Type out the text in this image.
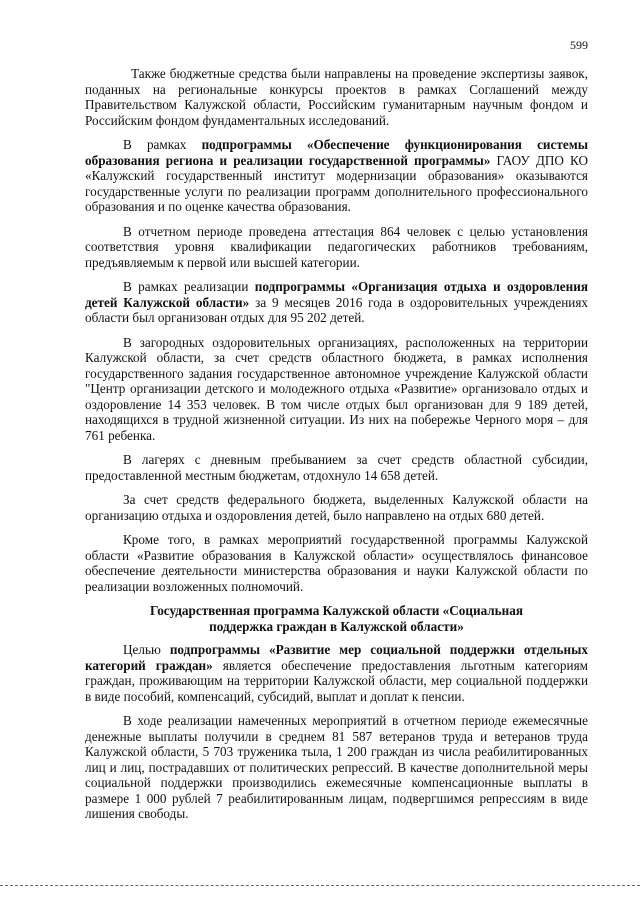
599

Также бюджетные средства были направлены на проведение экспертизы заявок, поданных на региональные конкурсы проектов в рамках Соглашений между Правительством Калужской области, Российским гуманитарным научным фондом и Российским фондом фундаментальных исследований.

В рамках подпрограммы «Обеспечение функционирования системы образования региона и реализации государственной программы» ГАОУ ДПО КО «Калужский государственный институт модернизации образования» оказываются государственные услуги по реализации программ дополнительного профессионального образования и по оценке качества образования.

В отчетном периоде проведена аттестация 864 человек с целью установления соответствия уровня квалификации педагогических работников требованиям, предъявляемым к первой или высшей категории.

В рамках реализации подпрограммы «Организация отдыха и оздоровления детей Калужской области» за 9 месяцев 2016 года в оздоровительных учреждениях области был организован отдых для 95 202 детей.

В загородных оздоровительных организациях, расположенных на территории Калужской области, за счет средств областного бюджета, в рамках исполнения государственного задания государственное автономное учреждение Калужской области "Центр организации детского и молодежного отдыха «Развитие» организовало отдых и оздоровление 14 353 человек. В том числе отдых был организован для 9 189 детей, находящихся в трудной жизненной ситуации. Из них на побережье Черного моря – для 761 ребенка.

В лагерях с дневным пребыванием за счет средств областной субсидии, предоставленной местным бюджетам, отдохнуло 14 658 детей.

За счет средств федерального бюджета, выделенных Калужской области на организацию отдыха и оздоровления детей, было направлено на отдых 680 детей.

Кроме того, в рамках мероприятий государственной программы Калужской области «Развитие образования в Калужской области» осуществлялось финансовое обеспечение деятельности министерства образования и науки Калужской области по реализации возложенных полномочий.

Государственная программа Калужской области «Социальная
поддержка граждан в Калужской области»

Целью подпрограммы «Развитие мер социальной поддержки отдельных категорий граждан» является обеспечение предоставления льготным категориям граждан, проживающим на территории Калужской области, мер социальной поддержки в виде пособий, компенсаций, субсидий, выплат и доплат к пенсии.

В ходе реализации намеченных мероприятий в отчетном периоде ежемесячные денежные выплаты получили в среднем 81 587 ветеранов труда и ветеранов труда Калужской области, 5 703 труженика тыла, 1 200 граждан из числа реабилитированных лиц и лиц, пострадавших от политических репрессий. В качестве дополнительной меры социальной поддержки производились ежемесячные компенсационные выплаты в размере 1 000 рублей 7 реабилитированным лицам, подвергшимся репрессиям в виде лишения свободы.
